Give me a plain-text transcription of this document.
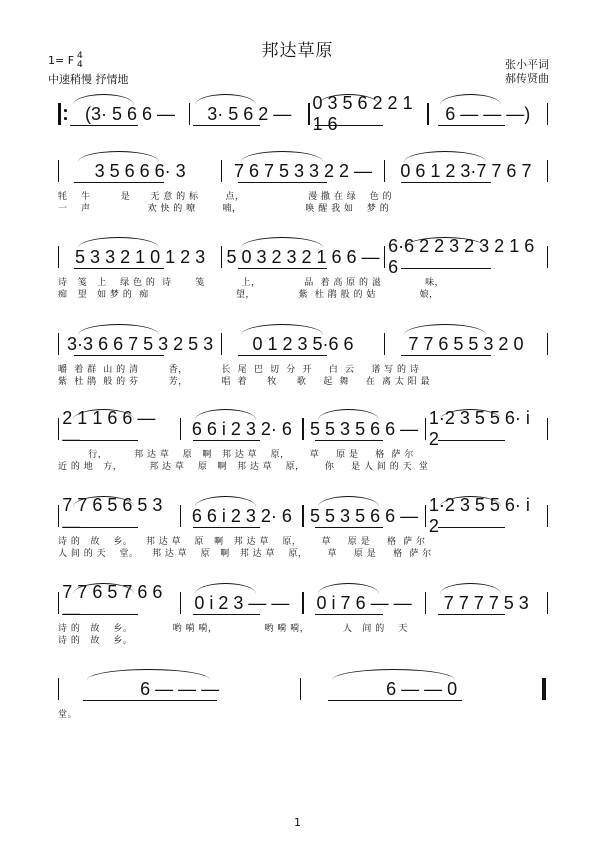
邦达草原
1= F 4
4
中速稍慢 抒情地
张小平词
郝传贤曲
(3· 5 6 6 — 3· 5 6 2 —
0 3 5 6 2 2 1 1 6
6 — — —)
3 5 6 6 6· 3	7 6 7 5 3 3 2 2 — 0 6 1 2 3·7 7 6 7
牦    牛         是      无 意 的 标        点，                   漫 撒 在 绿    色 的
一    声                 欢 快 的 嘹        喃，                   唤 醒 我 如    梦 的
5 3 3 2 1 0 1 2 3 5 0 3 2 3 2 1 6 6 —
6·6 2 2 3 2 3 2 1 6 6
诗   笺   上    绿 色 的  诗       笺           上，             品  着 高 原 的 滋             味，
痴   望   如 梦 的  痴                          望，             紫  杜 鹃 般 的 姑             娘，
3·3 6 6 7 5 3 2 5 3 0 1 2 3 5·6 6	7 7 6 5 5 3 2 0
嚼  着 群  山 的 清         香，          长  尾  巴  切  分  开     白  云     谱 写 的 诗
紫  杜 鹃  般 的 芬         芳，          唱  着      牧      歌     起  舞     在  离 太 阳 最
2 1 1 6 6 — —
6 6 i 2 3 2· 6 5 5 3 5 6 6 —
1·2 3 5 5 6· i 2
行，        邦 达 草    原   啊   邦 达 草    原，      草     原 是     格  萨 尔
近 的 地   方，        邦 达 草    原   啊   邦 达 草    原，      你     是 人 间 的 天  堂
7 7 6 5 6 5 3 —
6 6 i 2 3 2· 6 5 5 3 5 6 6 —
1·2 3 5 5 6· i 2
诗 的   故    乡。    邦 达 草    原   啊   邦 达 草    原，      草     原 是     格  萨 尔
人 间 的 天    堂。    邦 达 草    原   啊   邦 达 草    原，      草     原 是     格  萨 尔
7 7 6 5 7 6 6 —
0 i 2 3 — — 0 i 7 6 — — 7 7 7 7 5 3
诗 的   故    乡。            哟 嗬 嗬，              哟 嗬 嗬，          人   间 的    天
诗 的   故    乡。
6 — — —	6 — — 0
堂。
1
